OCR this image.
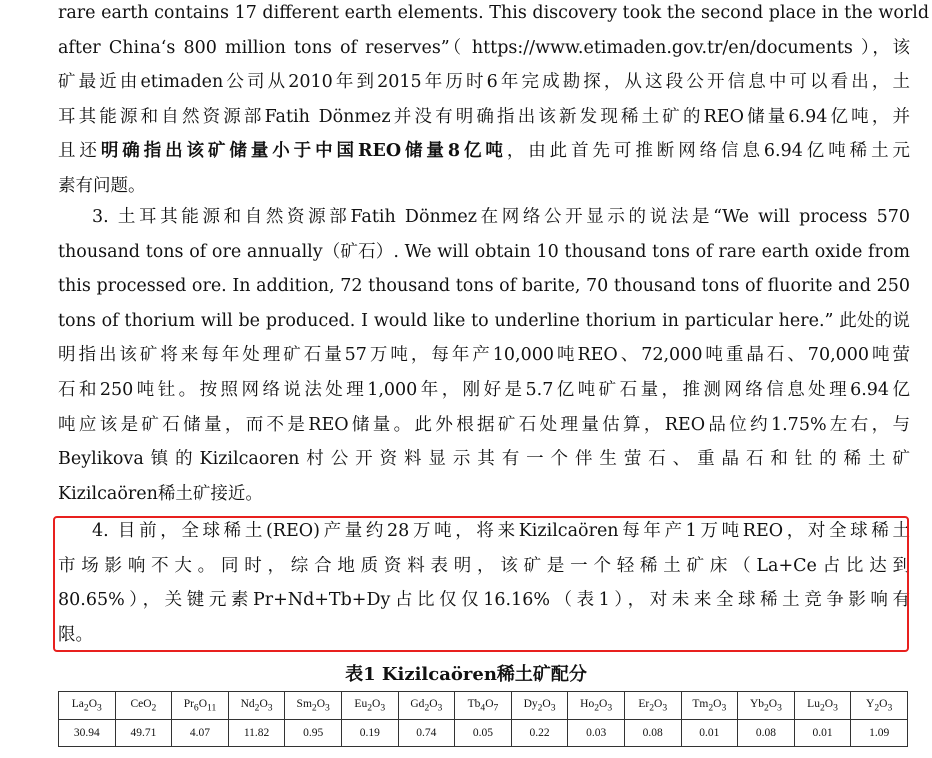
rare earth contains 17 different earth elements. This discovery took the second place in the world
after China‘s 800 million tons of reserves”（ https://www.etimaden.gov.tr/en/documents ），该
矿最近由etimaden公司从2010年到2015年历时6年完成勘探，从这段公开信息中可以看出，土
耳其能源和自然资源部Fatih Dönmez并没有明确指出该新发现稀土矿的REO储量6.94亿吨，并
且还明确指出该矿储量小于中国REO储量8亿吨，由此首先可推断网络信息6.94亿吨稀土元
素有问题。
3. 土耳其能源和自然资源部Fatih Dönmez在网络公开显示的说法是“We will process 570
thousand tons of ore annually（矿石）. We will obtain 10 thousand tons of rare earth oxide from
this processed ore. In addition, 72 thousand tons of barite, 70 thousand tons of fluorite and 250
tons of thorium will be produced. I would like to underline thorium in particular here.” 此处的说
明指出该矿将来每年处理矿石量57万吨，每年产10,000吨REO、72,000吨重晶石、70,000吨萤
石和250吨钍。按照网络说法处理1,000年，刚好是5.7亿吨矿石量，推测网络信息处理6.94亿
吨应该是矿石储量，而不是REO储量。此外根据矿石处理量估算，REO品位约1.75%左右，与
Beylikova镇的Kizilcaoren村公开资料显示其有一个伴生萤石、重晶石和钍的稀土矿
Kizilcaören稀土矿接近。
4. 目前，全球稀土(REO)产量约28万吨，将来Kizilcaören每年产1万吨REO，对全球稀土
市场影响不大。同时，综合地质资料表明，该矿是一个轻稀土矿床（La+Ce占比达到
80.65%），关键元素Pr+Nd+Tb+Dy占比仅仅16.16%（表1），对未来全球稀土竞争影响有
限。
表1 Kizilcaören稀土矿配分
$La_2O_3$	CeO$_2$	$Pr_6O_{11}$	$Nd_2O_3$	$Sm_2O_3$	$Eu_2O_3$	$Gd_2O_3$	$Tb_4O_7$	$Dy_2O_3$	$Ho_2O_3$	$Er_2O_3$	$Tm_2O_3$	$Yb_2O_3$	$Lu_2O_3$	$Y_2O_3$
30.94	49.71	4.07	11.82	0.95	0.19	0.74	0.05	0.22	0.03	0.08	0.01	0.08	0.01	1.09
